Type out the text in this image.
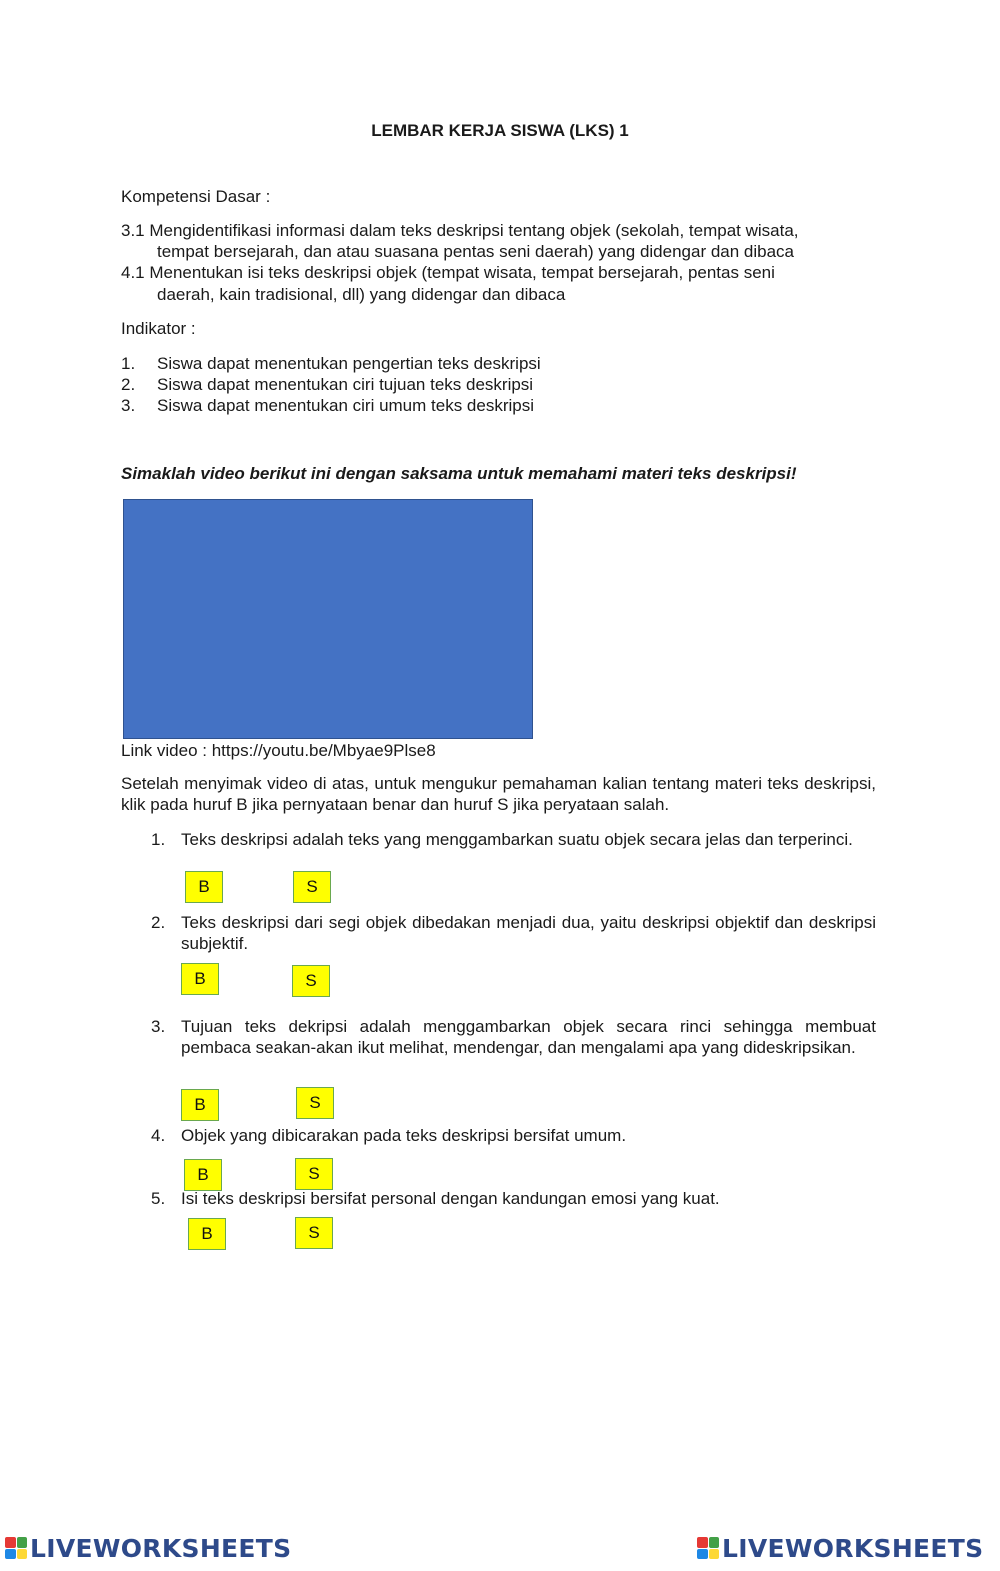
LEMBAR KERJA SISWA (LKS) 1
Kompetensi Dasar :
3.1 Mengidentifikasi informasi dalam teks deskripsi tentang objek (sekolah, tempat wisata,
tempat bersejarah, dan atau suasana pentas seni daerah) yang didengar dan dibaca
4.1 Menentukan isi teks deskripsi objek (tempat wisata, tempat bersejarah, pentas seni
daerah, kain tradisional, dll) yang didengar dan dibaca
Indikator :
1. Siswa dapat menentukan pengertian teks deskripsi
2. Siswa dapat menentukan ciri tujuan teks deskripsi
3. Siswa dapat menentukan ciri umum teks deskripsi
Simaklah video berikut ini dengan saksama untuk memahami materi teks deskripsi!
Link video : https://youtu.be/Mbyae9Plse8
Setelah menyimak video di atas, untuk mengukur pemahaman kalian tentang materi teks deskripsi, klik pada huruf B jika pernyataan benar dan huruf S jika peryataan salah.
1. Teks deskripsi adalah teks yang menggambarkan suatu objek secara jelas dan terperinci.
B	S
2. Teks deskripsi dari segi objek dibedakan menjadi dua, yaitu deskripsi objektif dan deskripsi subjektif.
B	S
3. Tujuan teks dekripsi adalah menggambarkan objek secara rinci sehingga membuat pembaca seakan-akan ikut melihat, mendengar, dan mengalami apa yang dideskripsikan.
B	S
4. Objek yang dibicarakan pada teks deskripsi bersifat umum.
B	S
5. Isi teks deskripsi bersifat personal dengan kandungan emosi yang kuat.
B	S
LIVEWORKSHEETS	LIVEWORKSHEETS
